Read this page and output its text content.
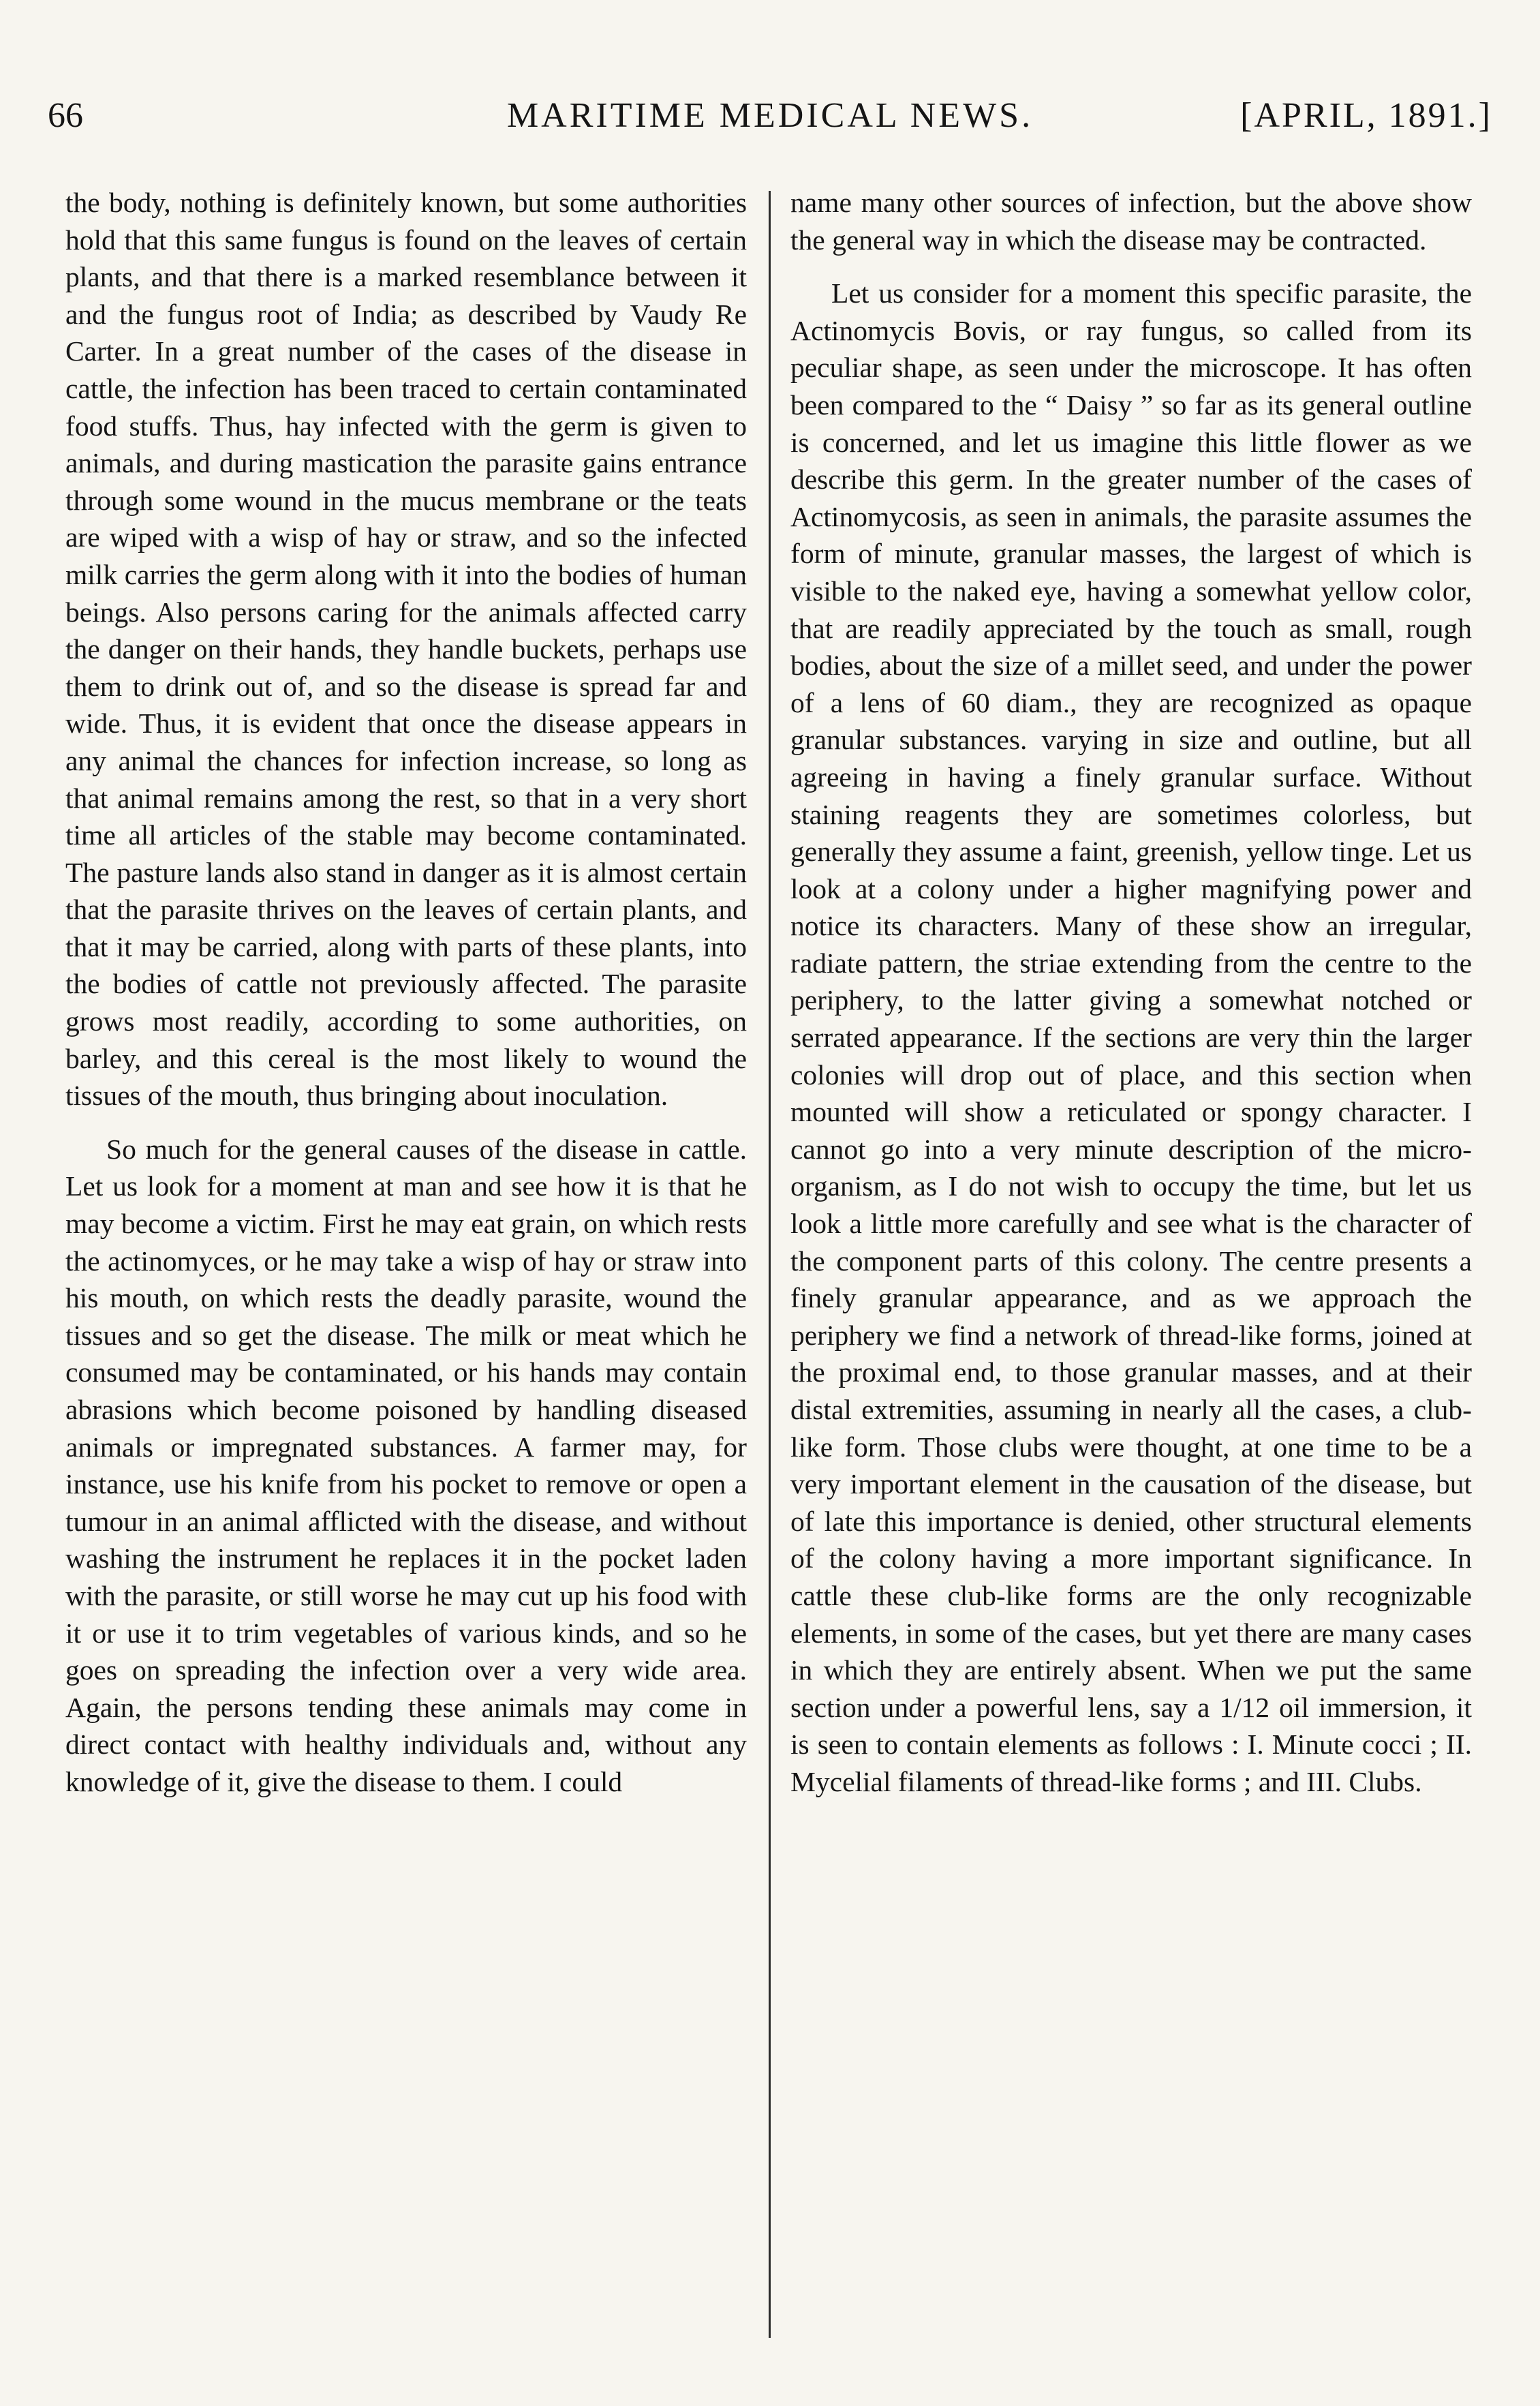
66	MARITIME MEDICAL NEWS.	[APRIL, 1891.]

the body, nothing is definitely known, but some authorities hold that this same fungus is found on the leaves of certain plants, and that there is a marked resemblance between it and the fungus root of India; as described by Vaudy Re Carter. In a great number of the cases of the disease in cattle, the infection has been traced to certain contaminated food stuffs. Thus, hay infected with the germ is given to animals, and during mastication the parasite gains entrance through some wound in the mucus membrane or the teats are wiped with a wisp of hay or straw, and so the infected milk carries the germ along with it into the bodies of human beings. Also persons caring for the animals affected carry the danger on their hands, they handle buckets, perhaps use them to drink out of, and so the disease is spread far and wide. Thus, it is evident that once the disease appears in any animal the chances for infection increase, so long as that animal remains among the rest, so that in a very short time all articles of the stable may become contaminated. The pasture lands also stand in danger as it is almost certain that the parasite thrives on the leaves of certain plants, and that it may be carried, along with parts of these plants, into the bodies of cattle not previously affected. The parasite grows most readily, according to some authorities, on barley, and this cereal is the most likely to wound the tissues of the mouth, thus bringing about inoculation.

So much for the general causes of the disease in cattle. Let us look for a moment at man and see how it is that he may become a victim. First he may eat grain, on which rests the actinomyces, or he may take a wisp of hay or straw into his mouth, on which rests the deadly parasite, wound the tissues and so get the disease. The milk or meat which he consumed may be contaminated, or his hands may contain abrasions which become poisoned by handling diseased animals or impregnated substances. A farmer may, for instance, use his knife from his pocket to remove or open a tumour in an animal afflicted with the disease, and without washing the instrument he replaces it in the pocket laden with the parasite, or still worse he may cut up his food with it or use it to trim vegetables of various kinds, and so he goes on spreading the infection over a very wide area. Again, the persons tending these animals may come in direct contact with healthy individuals and, without any knowledge of it, give the disease to them. I could

name many other sources of infection, but the above show the general way in which the disease may be contracted.

Let us consider for a moment this specific parasite, the Actinomycis Bovis, or ray fungus, so called from its peculiar shape, as seen under the microscope. It has often been compared to the “ Daisy ” so far as its general outline is concerned, and let us imagine this little flower as we describe this germ. In the greater number of the cases of Actinomycosis, as seen in animals, the parasite assumes the form of minute, granular masses, the largest of which is visible to the naked eye, having a somewhat yellow color, that are readily appreciated by the touch as small, rough bodies, about the size of a millet seed, and under the power of a lens of 60 diam., they are recognized as opaque granular substances. varying in size and outline, but all agreeing in having a finely granular surface. Without staining reagents they are sometimes colorless, but generally they assume a faint, greenish, yellow tinge. Let us look at a colony under a higher magnifying power and notice its characters. Many of these show an irregular, radiate pattern, the striae extending from the centre to the periphery, to the latter giving a somewhat notched or serrated appearance. If the sections are very thin the larger colonies will drop out of place, and this section when mounted will show a reticulated or spongy character. I cannot go into a very minute description of the micro-organism, as I do not wish to occupy the time, but let us look a little more carefully and see what is the character of the component parts of this colony. The centre presents a finely granular appearance, and as we approach the periphery we find a network of thread-like forms, joined at the proximal end, to those granular masses, and at their distal extremities, assuming in nearly all the cases, a club-like form. Those clubs were thought, at one time to be a very important element in the causation of the disease, but of late this importance is denied, other structural elements of the colony having a more important significance. In cattle these club-like forms are the only recognizable elements, in some of the cases, but yet there are many cases in which they are entirely absent. When we put the same section under a powerful lens, say a 1/12 oil immersion, it is seen to contain elements as follows : I. Minute cocci ; II. Mycelial filaments of thread-like forms ; and III. Clubs.
